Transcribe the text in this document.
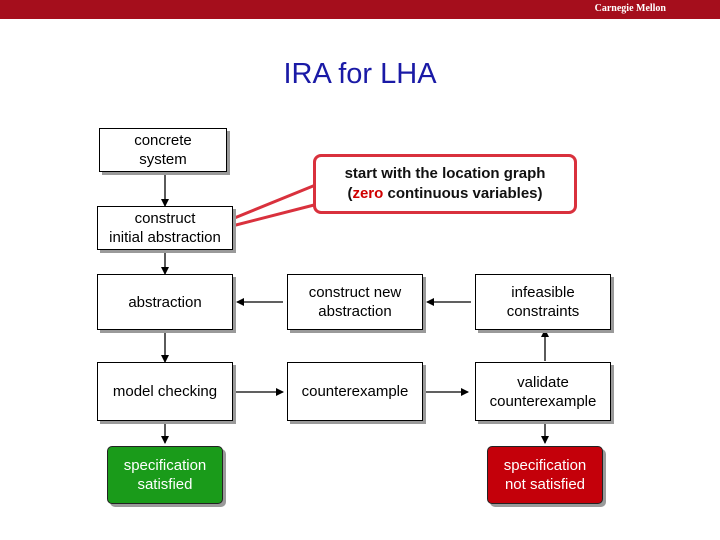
Carnegie Mellon
IRA for LHA
concrete
system
construct
initial abstraction
abstraction
model checking
specification
satisfied
construct new
abstraction
counterexample
infeasible
constraints
validate
counterexample
specification
not satisfied
start with the location graph
(zero continuous variables)
